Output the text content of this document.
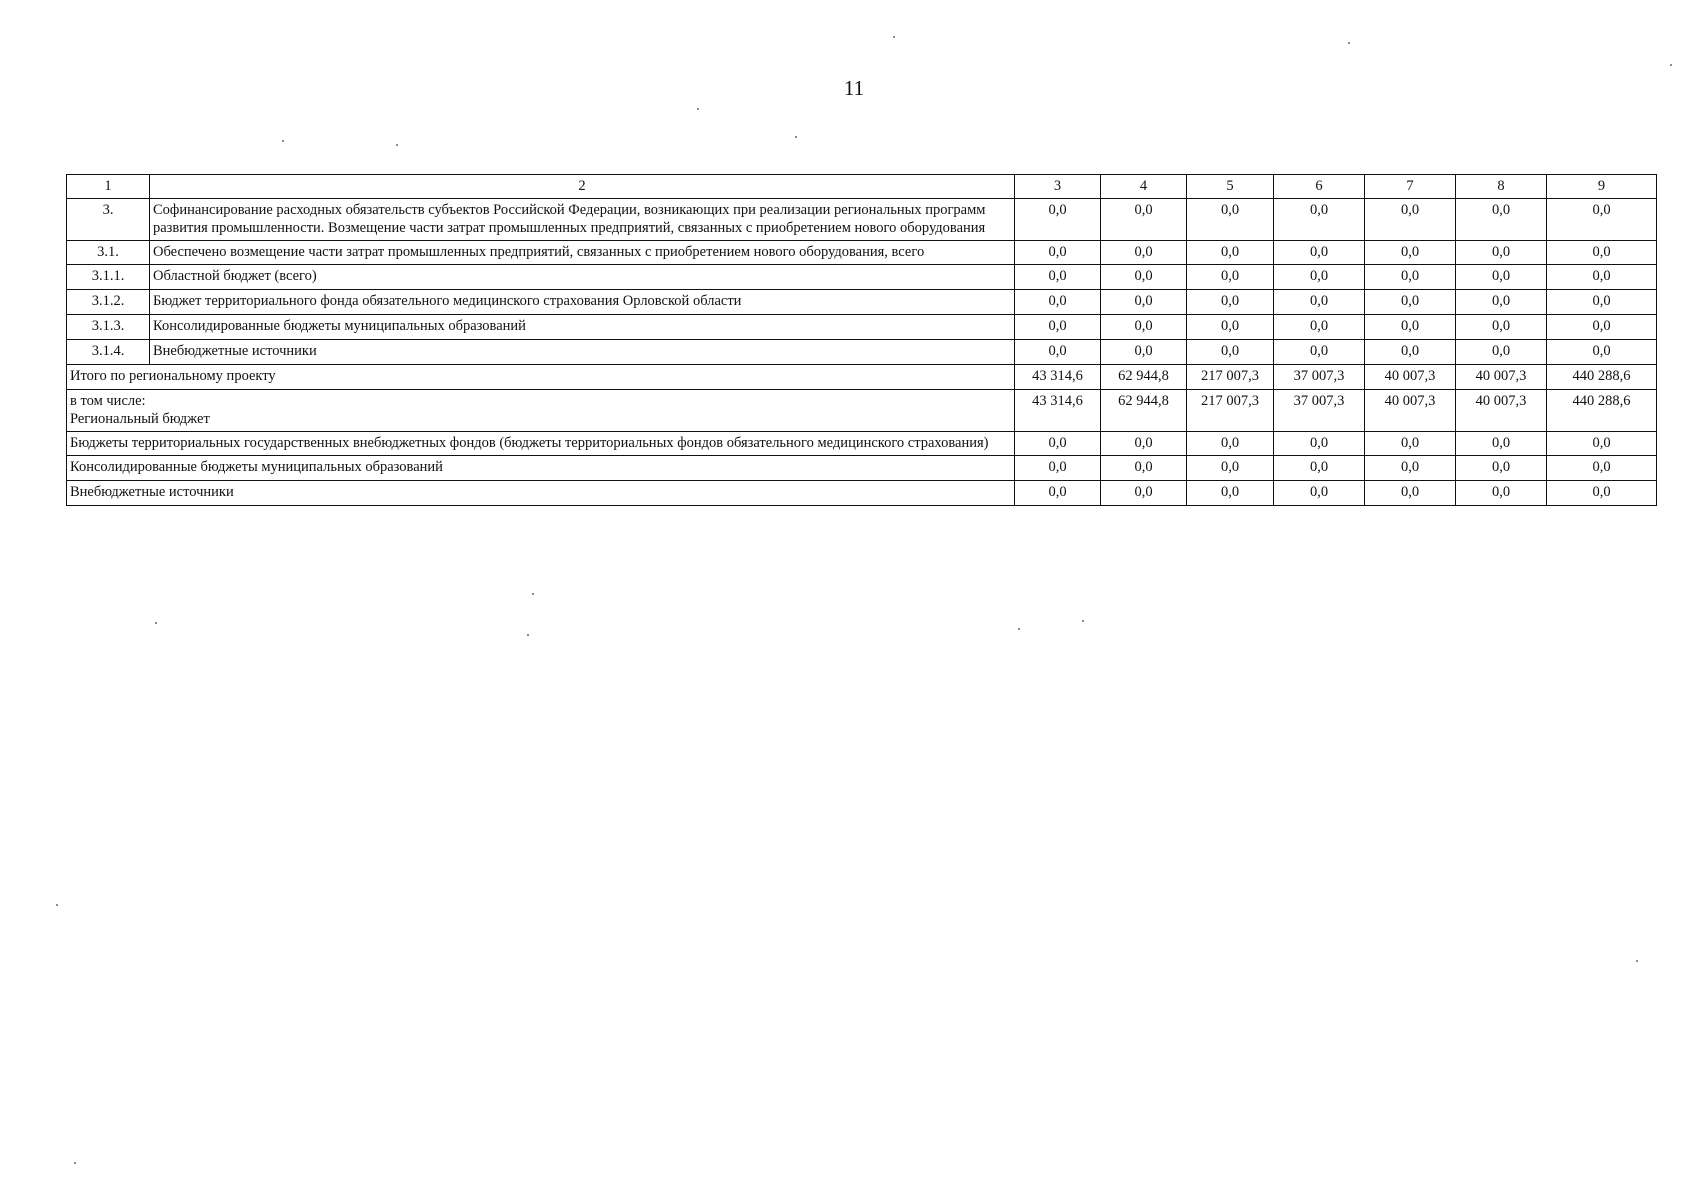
11
1	2	3	4	5	6	7	8	9
3.	Софинансирование расходных обязательств субъектов Российской Федерации, возникающих при реализации региональных программ развития промышленности. Возмещение части затрат промышленных предприятий, связанных с приобретением нового оборудования	0,0	0,0	0,0	0,0	0,0	0,0	0,0
3.1.	Обеспечено возмещение части затрат промышленных предприятий, связанных с приобретением нового оборудования, всего	0,0	0,0	0,0	0,0	0,0	0,0	0,0
3.1.1.	Областной бюджет (всего)	0,0	0,0	0,0	0,0	0,0	0,0	0,0
3.1.2.	Бюджет территориального фонда обязательного медицинского страхования Орловской области	0,0	0,0	0,0	0,0	0,0	0,0	0,0
3.1.3.	Консолидированные бюджеты муниципальных образований	0,0	0,0	0,0	0,0	0,0	0,0	0,0
3.1.4.	Внебюджетные источники	0,0	0,0	0,0	0,0	0,0	0,0	0,0
Итого по региональному проекту		43 314,6	62 944,8	217 007,3	37 007,3	40 007,3	40 007,3	440 288,6

в том числе:
Региональный бюджет		43 314,6	62 944,8	217 007,3	37 007,3	40 007,3	40 007,3	440 288,6
Бюджеты территориальных государственных внебюджетных фондов (бюджеты территориальных фондов обязательного медицинского страхования)		0,0	0,0	0,0	0,0	0,0	0,0	0,0
Консолидированные бюджеты муниципальных образований		0,0	0,0	0,0	0,0	0,0	0,0	0,0
Внебюджетные источники		0,0	0,0	0,0	0,0	0,0	0,0	0,0
